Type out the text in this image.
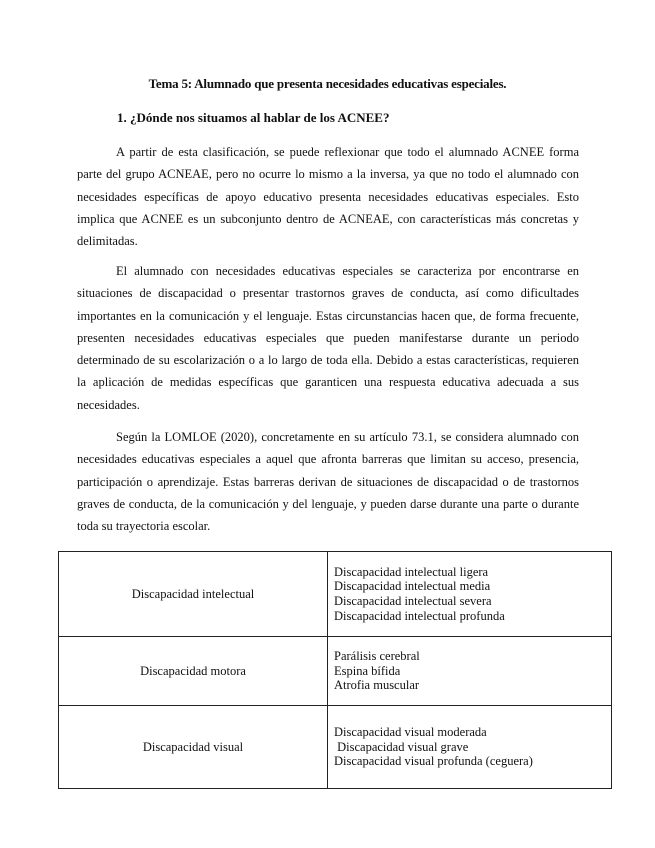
Tema 5: Alumnado que presenta necesidades educativas especiales.
1. ¿Dónde nos situamos al hablar de los ACNEE?

A partir de esta clasificación, se puede reflexionar que todo el alumnado ACNEE forma parte del grupo ACNEAE, pero no ocurre lo mismo a la inversa, ya que no todo el alumnado con necesidades específicas de apoyo educativo presenta necesidades educativas especiales. Esto implica que ACNEE es un subconjunto dentro de ACNEAE, con características más concretas y delimitadas.

El alumnado con necesidades educativas especiales se caracteriza por encontrarse en situaciones de discapacidad o presentar trastornos graves de conducta, así como dificultades importantes en la comunicación y el lenguaje. Estas circunstancias hacen que, de forma frecuente, presenten necesidades educativas especiales que pueden manifestarse durante un periodo determinado de su escolarización o a lo largo de toda ella. Debido a estas características, requieren la aplicación de medidas específicas que garanticen una respuesta educativa adecuada a sus necesidades.

Según la LOMLOE (2020), concretamente en su artículo 73.1, se considera alumnado con necesidades educativas especiales a aquel que afronta barreras que limitan su acceso, presencia, participación o aprendizaje. Estas barreras derivan de situaciones de discapacidad o de trastornos graves de conducta, de la comunicación y del lenguaje, y pueden darse durante una parte o durante toda su trayectoria escolar.

Discapacidad intelectual	Discapacidad intelectual ligera
Discapacidad intelectual media
Discapacidad intelectual severa
Discapacidad intelectual profunda

Discapacidad motora	Parálisis cerebral
Espina bífida
Atrofia muscular

Discapacidad visual	Discapacidad visual moderada
Discapacidad visual grave
Discapacidad visual profunda (ceguera)
